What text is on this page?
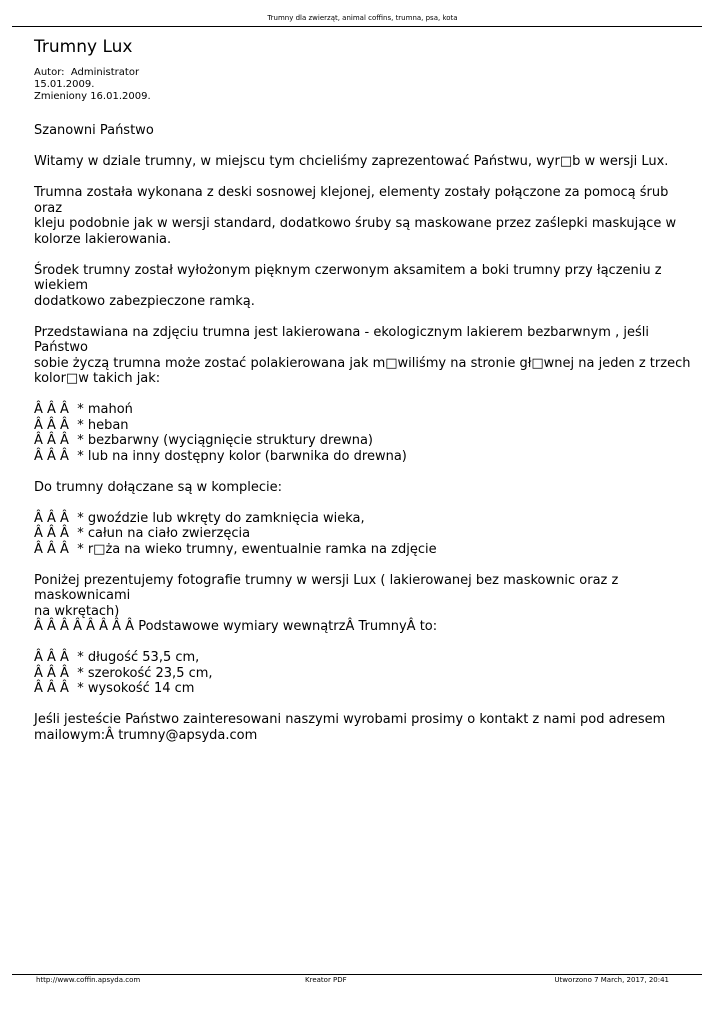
Trumny dla zwierząt, animal coffins, trumna, psa, kota
Trumny Lux
Autor:  Administrator
15.01.2009.
Zmieniony 16.01.2009.

Szanowni Państwo

Witamy w dziale trumny, w miejscu tym chcieliśmy zaprezentować Państwu, wyr□b w wersji Lux.

Trumna została wykonana z deski sosnowej klejonej, elementy zostały połączone za pomocą śrub oraz
kleju podobnie jak w wersji standard, dodatkowo śruby są maskowane przez zaślepki maskujące w
kolorze lakierowania.

Środek trumny został wyłożonym pięknym czerwonym aksamitem a boki trumny przy łączeniu z wiekiem
dodatkowo zabezpieczone ramką.

Przedstawiana na zdjęciu trumna jest lakierowana - ekologicznym lakierem bezbarwnym , jeśli Państwo
sobie życzą trumna może zostać polakierowana jak m□wiliśmy na stronie gł□wnej na jeden z trzech
kolor□w takich jak:

Â Â Â  * mahoń
Â Â Â  * heban
Â Â Â  * bezbarwny (wyciągnięcie struktury drewna)
Â Â Â  * lub na inny dostępny kolor (barwnika do drewna)

Do trumny dołączane są w komplecie:

Â Â Â  * gwoździe lub wkręty do zamknięcia wieka,
Â Â Â  * całun na ciało zwierzęcia
Â Â Â  * r□ża na wieko trumny, ewentualnie ramka na zdjęcie

Poniżej prezentujemy fotografie trumny w wersji Lux ( lakierowanej bez maskownic oraz z maskownicami
na wkrętach)

Â Â Â Â Â Â Â Â Podstawowe wymiary wewnątrzÂ TrumnyÂ to:

Â Â Â  * długość 53,5 cm,
Â Â Â  * szerokość 23,5 cm,
Â Â Â  * wysokość 14 cm

Jeśli jesteście Państwo zainteresowani naszymi wyrobami prosimy o kontakt z nami pod adresem
mailowym:Â trumny@apsyda.com

http://www.coffin.apsyda.com	Kreator PDF	Utworzono 7 March, 2017, 20:41
